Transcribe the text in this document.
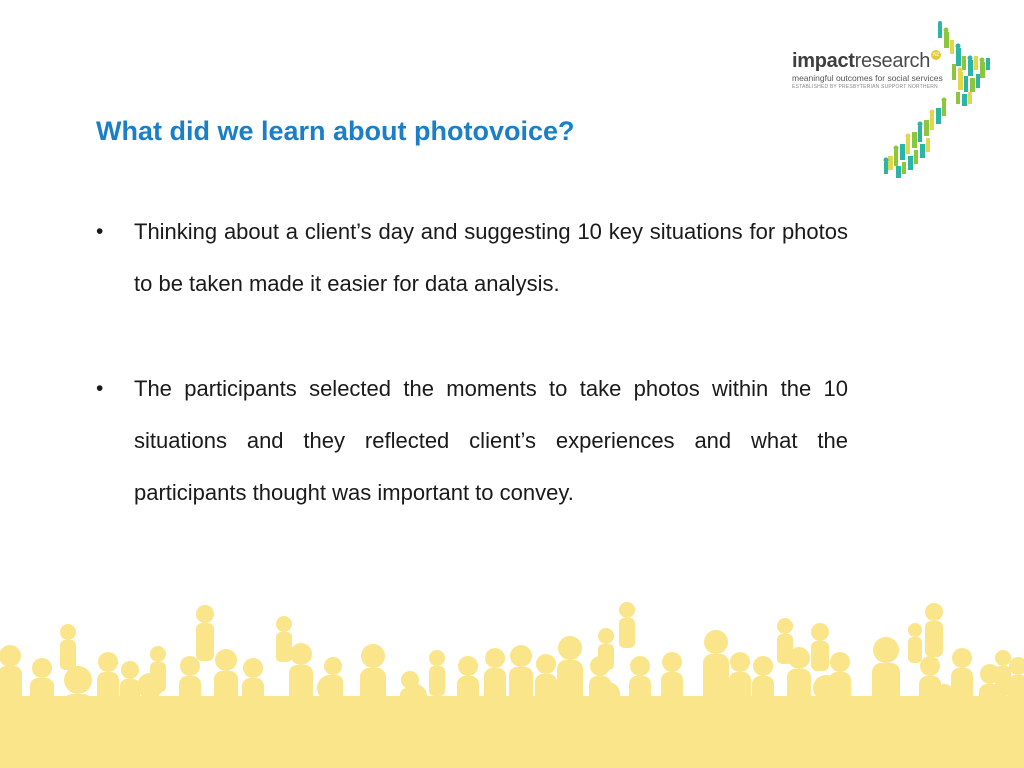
impactresearch NZ
meaningful outcomes for social services
ESTABLISHED BY PRESBYTERIAN SUPPORT NORTHERN
What did we learn about photovoice?
• Thinking about a client’s day and suggesting 10 key situations for photos to be taken made it easier for data analysis.
• The participants selected the moments to take photos within the 10 situations and they reflected client’s experiences and what the participants thought was important to convey.
